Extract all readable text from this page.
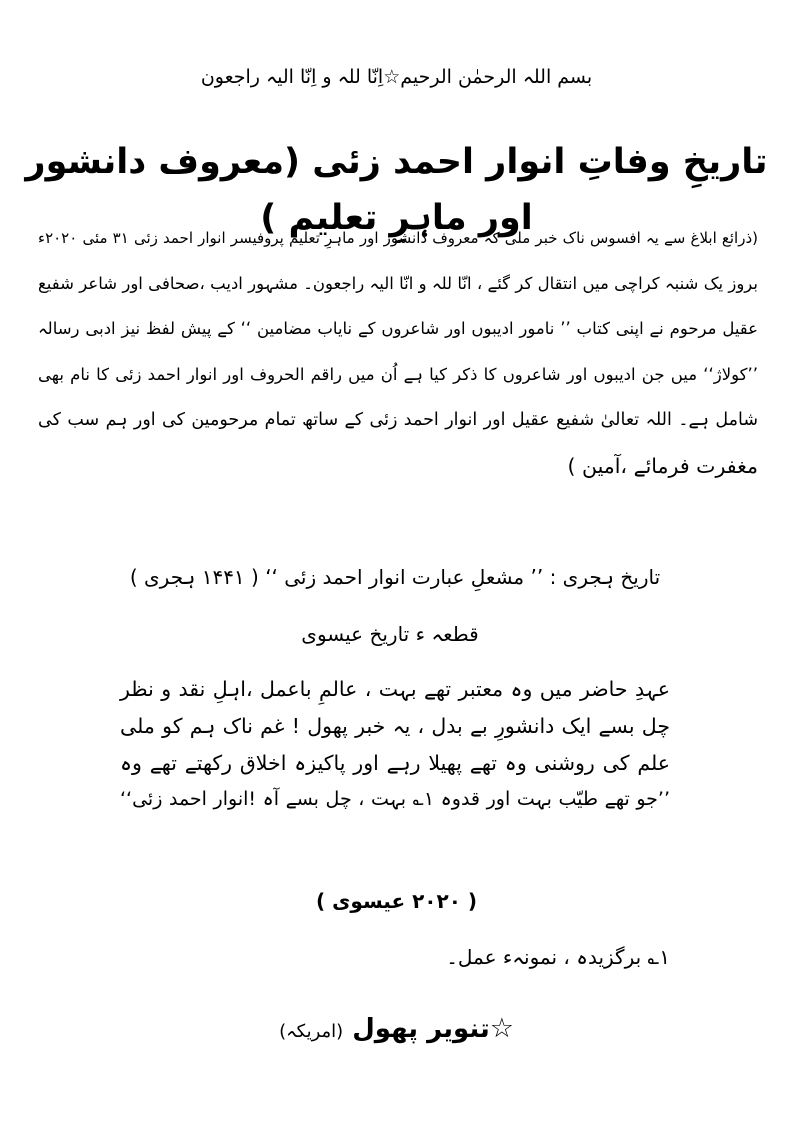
بسم اللہ الرحمٰن الرحیم☆اِنّا للہ و اِنّا الیہ راجعون
تاریخِ وفاتِ انوار احمد زئی (معروف دانشور اور ماہرِ تعلیم )
(ذرائع ابلاغ سے یہ افسوس ناک خبر ملی کہ معروف دانشور اور ماہرِ تعلیم پروفیسر انوار احمد زئی ۳۱ مئی ۲۰۲۰ء
بروز یک شنبہ کراچی میں انتقال کر گئے ، انّا للہ و انّا الیہ راجعون۔ مشہور ادیب ،صحافی اور شاعر شفیع
عقیل مرحوم نے اپنی کتاب ’’ نامور ادیبوں اور شاعروں کے نایاب مضامین ‘‘ کے پیش لفظ نیز ادبی رسالہ
’’کولاژ‘‘ میں جن ادیبوں اور شاعروں کا ذکر کیا ہے اُن میں راقم الحروف اور انوار احمد زئی کا نام بھی
شامل ہے۔ اللہ تعالیٰ شفیع عقیل اور انوار احمد زئی کے ساتھ تمام مرحومین کی اور ہم سب کی
مغفرت فرمائے ،آمین )
تاریخ ہجری : ’’ مشعلِ عبارت انوار احمد زئی ‘‘ ( ۱۴۴۱ ہجری )
قطعہ ء تاریخ عیسوی
عہدِ حاضر میں وہ معتبر تھے بہت ، عالمِ باعمل ،اہلِ نقد و نظر
چل بسے ایک دانشورِ بے بدل ، یہ خبر پھول ! غم ناک ہم کو ملی
علم کی روشنی وہ تھے پھیلا رہے اور پاکیزہ اخلاق رکھتے تھے وہ
’’جو تھے طیّب بہت اور قدوہ ۱؎ بہت ، چل بسے آہ !انوار احمد زئی‘‘
( ۲۰۲۰ عیسوی )
۱؎ برگزیدہ ، نمونہء عمل۔
☆تنویر پھول (امریکہ)
